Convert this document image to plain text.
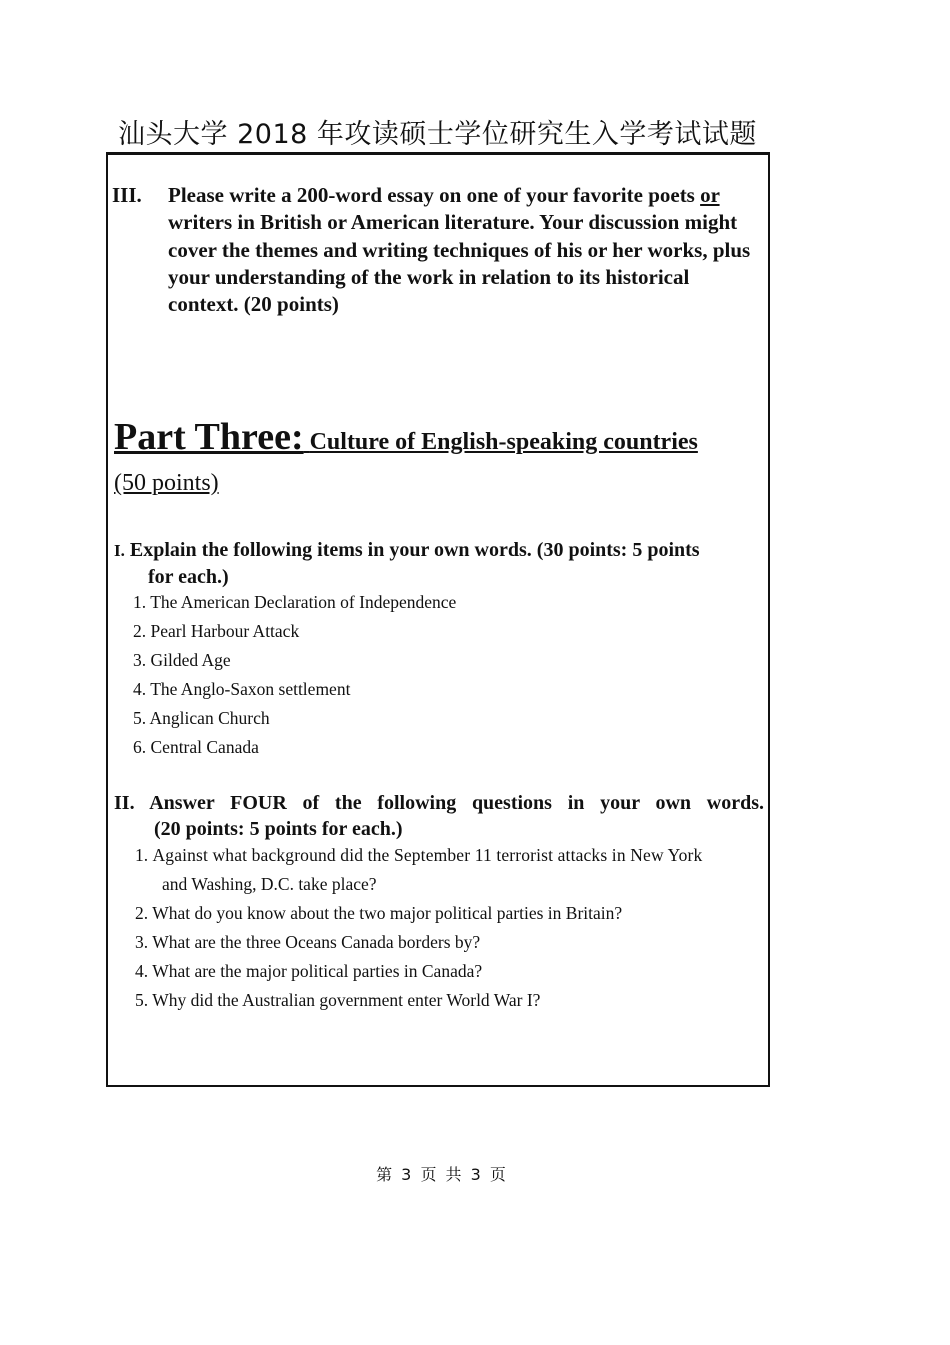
汕头大学 2018 年攻读硕士学位研究生入学考试试题
III. Please write a 200-word essay on one of your favorite poets or writers in British or American literature. Your discussion might cover the themes and writing techniques of his or her works, plus your understanding of the work in relation to its historical context. (20 points)
Part Three: Culture of English-speaking countries
(50 points)
I. Explain the following items in your own words. (30 points: 5 points
for each.)
1. The American Declaration of Independence
2. Pearl Harbour Attack
3. Gilded Age
4. The Anglo-Saxon settlement
5. Anglican Church
6. Central Canada
II. Answer FOUR of the following questions in your own words.
(20 points: 5 points for each.)
1. Against what background did the September 11 terrorist attacks in New York
and Washing, D.C. take place?
2. What do you know about the two major political parties in Britain?
3. What are the three Oceans Canada borders by?
4. What are the major political parties in Canada?
5. Why did the Australian government enter World War I?
第 3 页 共 3 页
